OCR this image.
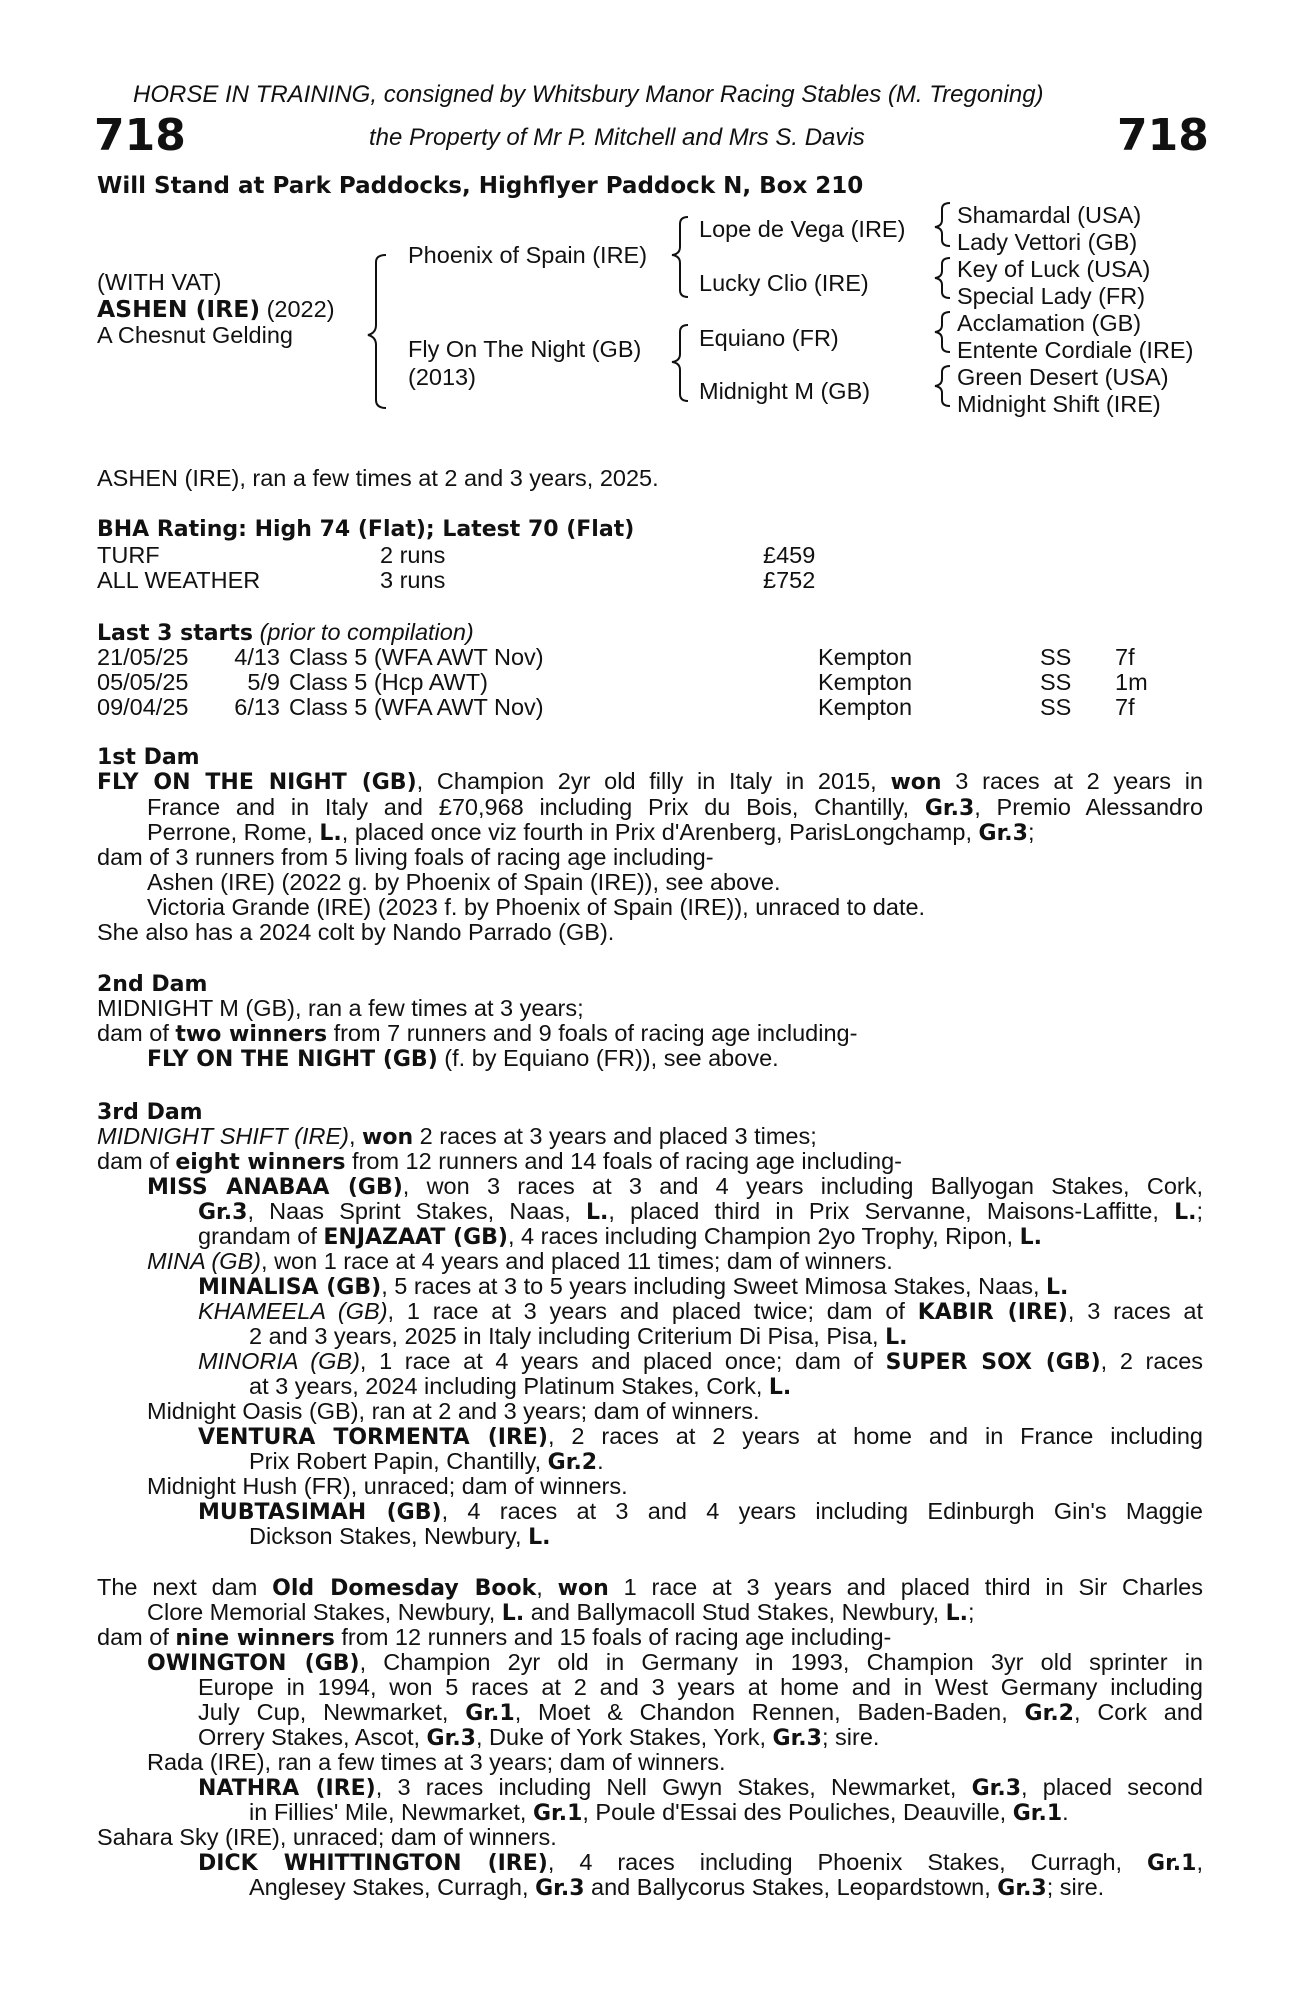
HORSE IN TRAINING, consigned by Whitsbury Manor Racing Stables (M. Tregoning)
718	the Property of Mr P. Mitchell and Mrs S. Davis	718
Will Stand at Park Paddocks, Highflyer Paddock N, Box 210
(WITH VAT)
ASHEN (IRE) (2022)
A Chesnut Gelding
Phoenix of Spain (IRE)
Fly On The Night (GB)
(2013)
Lope de Vega (IRE)
Lucky Clio (IRE)
Equiano (FR)
Midnight M (GB)
Shamardal (USA)
Lady Vettori (GB)
Key of Luck (USA)
Special Lady (FR)
Acclamation (GB)
Entente Cordiale (IRE)
Green Desert (USA)
Midnight Shift (IRE)
ASHEN (IRE), ran a few times at 2 and 3 years, 2025.
BHA Rating: High 74 (Flat); Latest 70 (Flat)
TURF	2 runs	£459
ALL WEATHER	3 runs	£752
Last 3 starts (prior to compilation)
21/05/25	4/13 Class 5 (WFA AWT Nov)	Kempton	SS 7f
05/05/25	5/9 Class 5 (Hcp AWT)	Kempton	SS 1m
09/04/25	6/13 Class 5 (WFA AWT Nov)	Kempton	SS 7f
1st Dam
FLY ON THE NIGHT (GB), Champion 2yr old filly in Italy in 2015, won 3 races at 2 years in
France and in Italy and £70,968 including Prix du Bois, Chantilly, Gr.3, Premio Alessandro
Perrone, Rome, L., placed once viz fourth in Prix d'Arenberg, ParisLongchamp, Gr.3;
dam of 3 runners from 5 living foals of racing age including-
Ashen (IRE) (2022 g. by Phoenix of Spain (IRE)), see above.
Victoria Grande (IRE) (2023 f. by Phoenix of Spain (IRE)), unraced to date.
She also has a 2024 colt by Nando Parrado (GB).
2nd Dam
MIDNIGHT M (GB), ran a few times at 3 years;
dam of two winners from 7 runners and 9 foals of racing age including-
FLY ON THE NIGHT (GB) (f. by Equiano (FR)), see above.
3rd Dam
MIDNIGHT SHIFT (IRE), won 2 races at 3 years and placed 3 times;
dam of eight winners from 12 runners and 14 foals of racing age including-
MISS ANABAA (GB), won 3 races at 3 and 4 years including Ballyogan Stakes, Cork,
Gr.3, Naas Sprint Stakes, Naas, L., placed third in Prix Servanne, Maisons-Laffitte, L.;
grandam of ENJAZAAT (GB), 4 races including Champion 2yo Trophy, Ripon, L.
MINA (GB), won 1 race at 4 years and placed 11 times; dam of winners.
MINALISA (GB), 5 races at 3 to 5 years including Sweet Mimosa Stakes, Naas, L.
KHAMEELA (GB), 1 race at 3 years and placed twice; dam of KABIR (IRE), 3 races at
2 and 3 years, 2025 in Italy including Criterium Di Pisa, Pisa, L.
MINORIA (GB), 1 race at 4 years and placed once; dam of SUPER SOX (GB), 2 races
at 3 years, 2024 including Platinum Stakes, Cork, L.
Midnight Oasis (GB), ran at 2 and 3 years; dam of winners.
VENTURA TORMENTA (IRE), 2 races at 2 years at home and in France including
Prix Robert Papin, Chantilly, Gr.2.
Midnight Hush (FR), unraced; dam of winners.
MUBTASIMAH (GB), 4 races at 3 and 4 years including Edinburgh Gin's Maggie
Dickson Stakes, Newbury, L.
The next dam Old Domesday Book, won 1 race at 3 years and placed third in Sir Charles
Clore Memorial Stakes, Newbury, L. and Ballymacoll Stud Stakes, Newbury, L.;
dam of nine winners from 12 runners and 15 foals of racing age including-
OWINGTON (GB), Champion 2yr old in Germany in 1993, Champion 3yr old sprinter in
Europe in 1994, won 5 races at 2 and 3 years at home and in West Germany including
July Cup, Newmarket, Gr.1, Moet & Chandon Rennen, Baden-Baden, Gr.2, Cork and
Orrery Stakes, Ascot, Gr.3, Duke of York Stakes, York, Gr.3; sire.
Rada (IRE), ran a few times at 3 years; dam of winners.
NATHRA (IRE), 3 races including Nell Gwyn Stakes, Newmarket, Gr.3, placed second
in Fillies' Mile, Newmarket, Gr.1, Poule d'Essai des Pouliches, Deauville, Gr.1.
Sahara Sky (IRE), unraced; dam of winners.
DICK WHITTINGTON (IRE), 4 races including Phoenix Stakes, Curragh, Gr.1,
Anglesey Stakes, Curragh, Gr.3 and Ballycorus Stakes, Leopardstown, Gr.3; sire.
